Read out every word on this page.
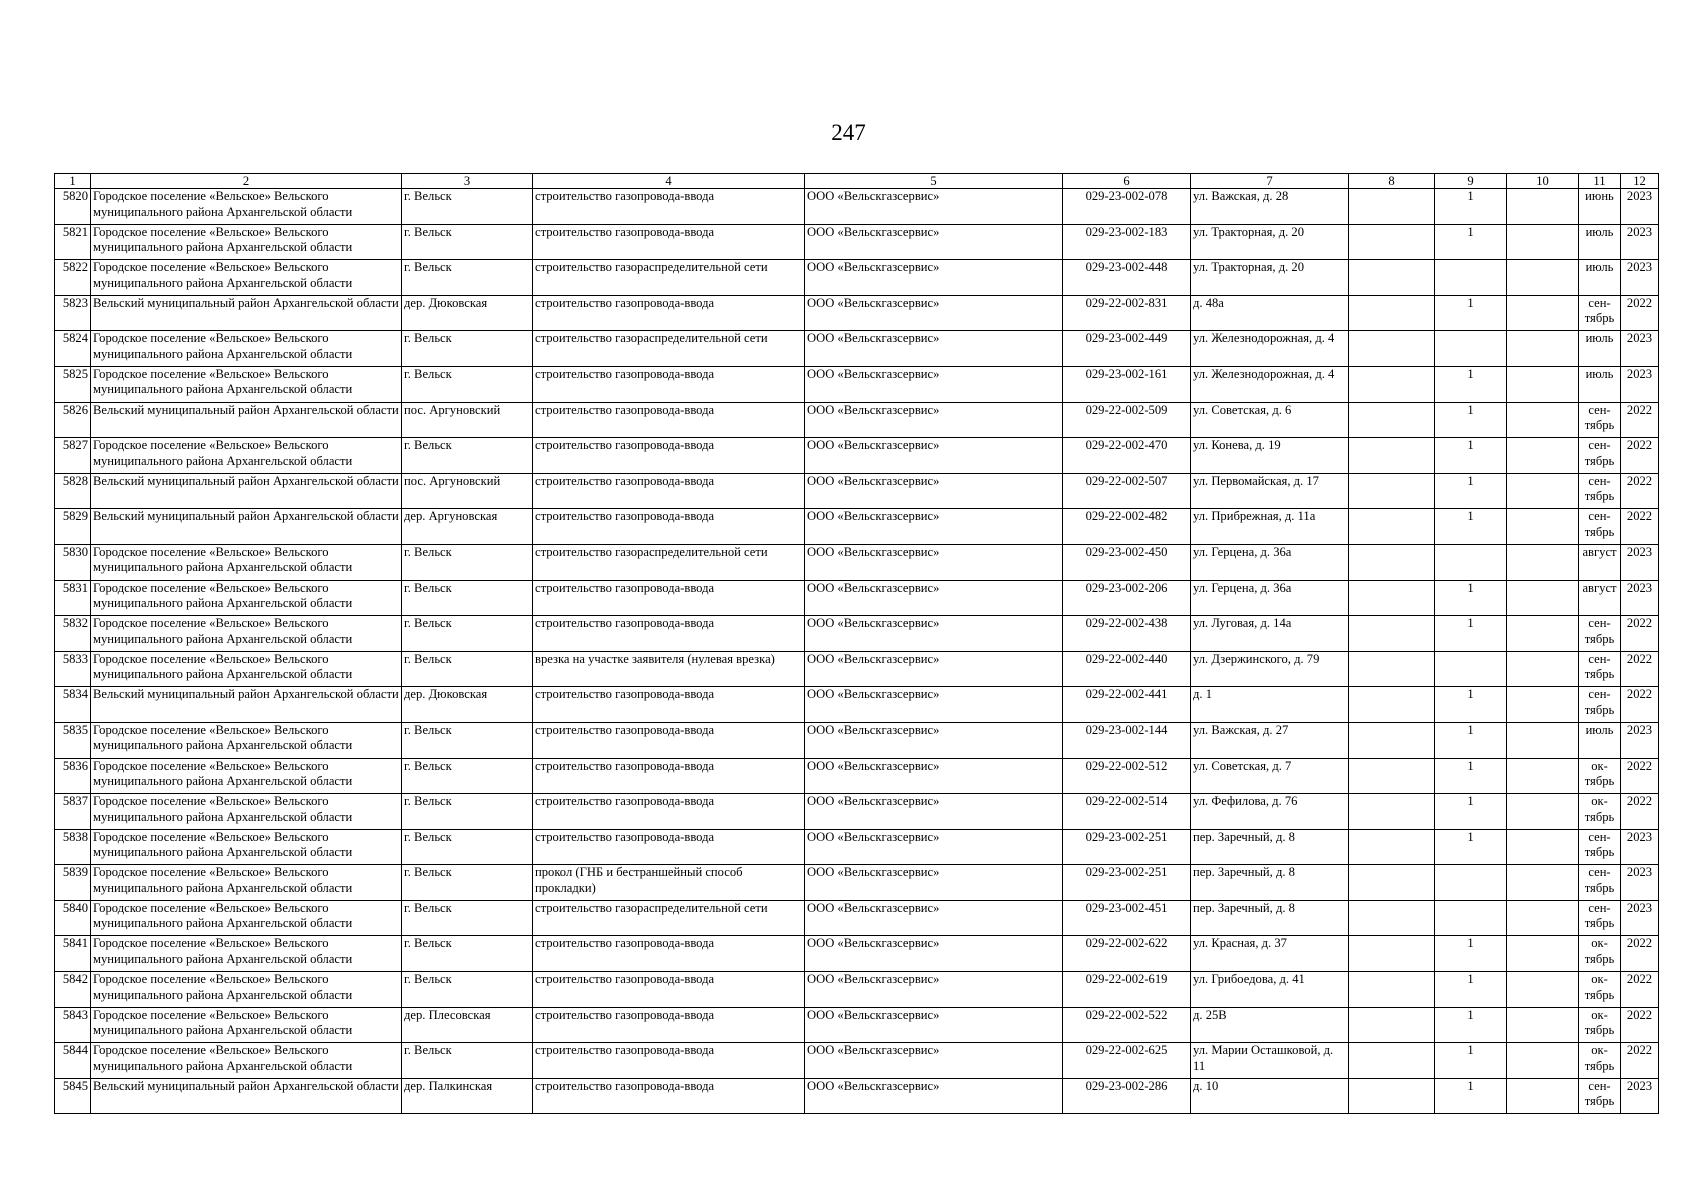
247
1	2	3	4	5	6	7	8	9	10	11	12
5820	Городское поселение «Вельское» Вельского муниципального района Архангельской области	г. Вельск	строительство газопровода-ввода	ООО «Вельскгазсервис»	029-23-002-078	ул. Важская, д. 28		1		июнь	2023
5821	Городское поселение «Вельское» Вельского муниципального района Архангельской области	г. Вельск	строительство газопровода-ввода	ООО «Вельскгазсервис»	029-23-002-183	ул. Тракторная, д. 20		1		июль	2023
5822	Городское поселение «Вельское» Вельского муниципального района Архангельской области	г. Вельск	строительство газораспределительной сети	ООО «Вельскгазсервис»	029-23-002-448	ул. Тракторная, д. 20				июль	2023
5823	Вельский муниципальный район Архангельской области	дер. Дюковская	строительство газопровода-ввода	ООО «Вельскгазсервис»	029-22-002-831	д. 48а		1		сен-тябрь	2022
5824	Городское поселение «Вельское» Вельского муниципального района Архангельской области	г. Вельск	строительство газораспределительной сети	ООО «Вельскгазсервис»	029-23-002-449	ул. Железнодорожная, д. 4				июль	2023
5825	Городское поселение «Вельское» Вельского муниципального района Архангельской области	г. Вельск	строительство газопровода-ввода	ООО «Вельскгазсервис»	029-23-002-161	ул. Железнодорожная, д. 4		1		июль	2023
5826	Вельский муниципальный район Архангельской области	пос. Аргуновский	строительство газопровода-ввода	ООО «Вельскгазсервис»	029-22-002-509	ул. Советская, д. 6		1		сен-тябрь	2022
5827	Городское поселение «Вельское» Вельского муниципального района Архангельской области	г. Вельск	строительство газопровода-ввода	ООО «Вельскгазсервис»	029-22-002-470	ул. Конева, д. 19		1		сен-тябрь	2022
5828	Вельский муниципальный район Архангельской области	пос. Аргуновский	строительство газопровода-ввода	ООО «Вельскгазсервис»	029-22-002-507	ул. Первомайская, д. 17		1		сен-тябрь	2022
5829	Вельский муниципальный район Архангельской области	дер. Аргуновская	строительство газопровода-ввода	ООО «Вельскгазсервис»	029-22-002-482	ул. Прибрежная, д. 11а		1		сен-тябрь	2022
5830	Городское поселение «Вельское» Вельского муниципального района Архангельской области	г. Вельск	строительство газораспределительной сети	ООО «Вельскгазсервис»	029-23-002-450	ул. Герцена, д. 36а				август	2023
5831	Городское поселение «Вельское» Вельского муниципального района Архангельской области	г. Вельск	строительство газопровода-ввода	ООО «Вельскгазсервис»	029-23-002-206	ул. Герцена, д. 36а		1		август	2023
5832	Городское поселение «Вельское» Вельского муниципального района Архангельской области	г. Вельск	строительство газопровода-ввода	ООО «Вельскгазсервис»	029-22-002-438	ул. Луговая, д. 14а		1		сен-тябрь	2022
5833	Городское поселение «Вельское» Вельского муниципального района Архангельской области	г. Вельск	врезка на участке заявителя (нулевая врезка)	ООО «Вельскгазсервис»	029-22-002-440	ул. Дзержинского, д. 79				сен-тябрь	2022
5834	Вельский муниципальный район Архангельской области	дер. Дюковская	строительство газопровода-ввода	ООО «Вельскгазсервис»	029-22-002-441	д. 1		1		сен-тябрь	2022
5835	Городское поселение «Вельское» Вельского муниципального района Архангельской области	г. Вельск	строительство газопровода-ввода	ООО «Вельскгазсервис»	029-23-002-144	ул. Важская, д. 27		1		июль	2023
5836	Городское поселение «Вельское» Вельского муниципального района Архангельской области	г. Вельск	строительство газопровода-ввода	ООО «Вельскгазсервис»	029-22-002-512	ул. Советская, д. 7		1		ок-тябрь	2022
5837	Городское поселение «Вельское» Вельского муниципального района Архангельской области	г. Вельск	строительство газопровода-ввода	ООО «Вельскгазсервис»	029-22-002-514	ул. Фефилова, д. 76		1		ок-тябрь	2022
5838	Городское поселение «Вельское» Вельского муниципального района Архангельской области	г. Вельск	строительство газопровода-ввода	ООО «Вельскгазсервис»	029-23-002-251	пер. Заречный, д. 8		1		сен-тябрь	2023
5839	Городское поселение «Вельское» Вельского муниципального района Архангельской области	г. Вельск	прокол (ГНБ и бестраншейный способ прокладки)	ООО «Вельскгазсервис»	029-23-002-251	пер. Заречный, д. 8				сен-тябрь	2023
5840	Городское поселение «Вельское» Вельского муниципального района Архангельской области	г. Вельск	строительство газораспределительной сети	ООО «Вельскгазсервис»	029-23-002-451	пер. Заречный, д. 8				сен-тябрь	2023
5841	Городское поселение «Вельское» Вельского муниципального района Архангельской области	г. Вельск	строительство газопровода-ввода	ООО «Вельскгазсервис»	029-22-002-622	ул. Красная, д. 37		1		ок-тябрь	2022
5842	Городское поселение «Вельское» Вельского муниципального района Архангельской области	г. Вельск	строительство газопровода-ввода	ООО «Вельскгазсервис»	029-22-002-619	ул. Грибоедова, д. 41		1		ок-тябрь	2022
5843	Городское поселение «Вельское» Вельского муниципального района Архангельской области	дер. Плесовская	строительство газопровода-ввода	ООО «Вельскгазсервис»	029-22-002-522	д. 25В		1		ок-тябрь	2022
5844	Городское поселение «Вельское» Вельского муниципального района Архангельской области	г. Вельск	строительство газопровода-ввода	ООО «Вельскгазсервис»	029-22-002-625	ул. Марии Осташковой, д. 11		1		ок-тябрь	2022
5845	Вельский муниципальный район Архангельской области	дер. Палкинская	строительство газопровода-ввода	ООО «Вельскгазсервис»	029-23-002-286	д. 10		1		сен-тябрь	2023
